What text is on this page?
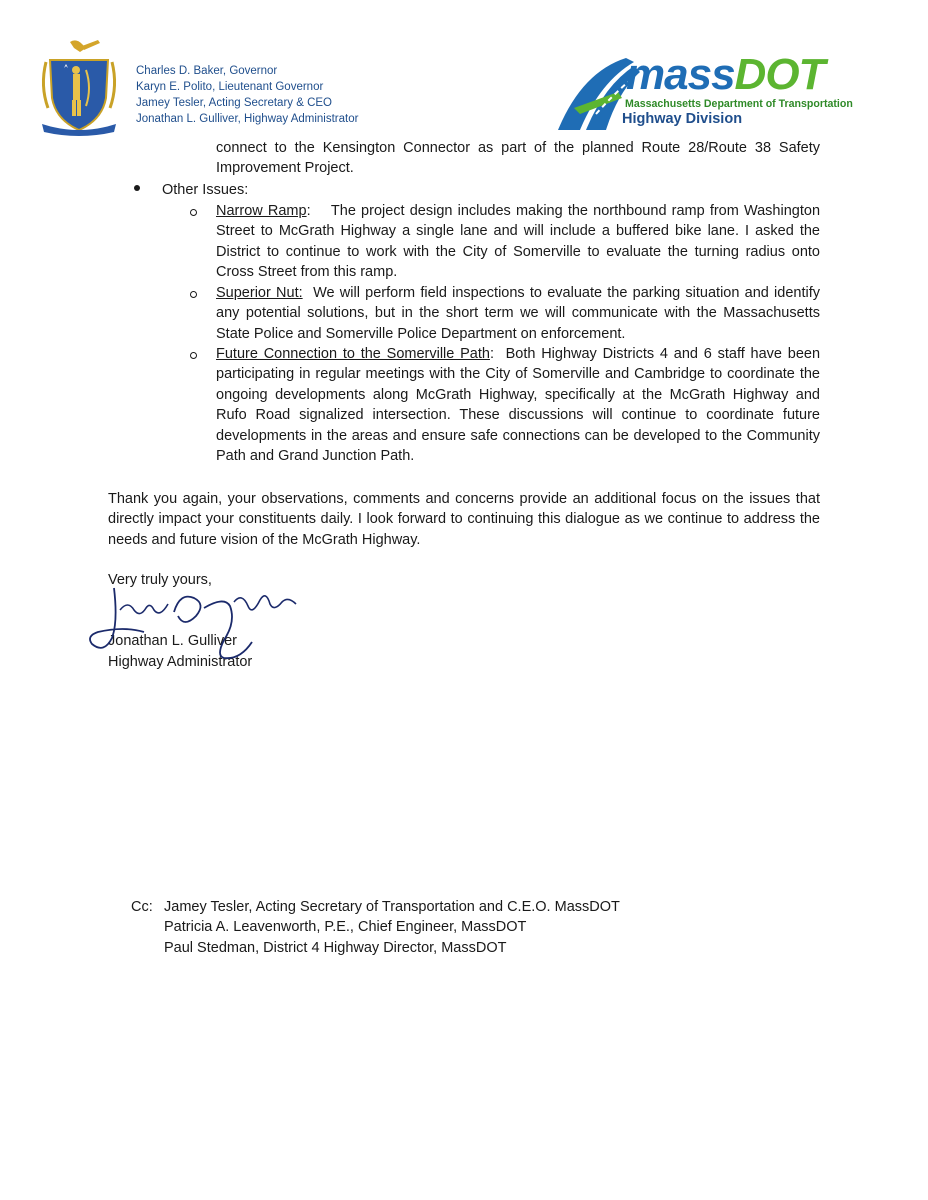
Charles D. Baker, Governor
Karyn E. Polito, Lieutenant Governor
Jamey Tesler, Acting Secretary & CEO
Jonathan L. Gulliver, Highway Administrator
massDOT
Massachusetts Department of Transportation
Highway Division
connect to the Kensington Connector as part of the planned Route 28/Route 38 Safety Improvement Project.
Other Issues:
Narrow Ramp: The project design includes making the northbound ramp from Washington Street to McGrath Highway a single lane and will include a buffered bike lane. I asked the District to continue to work with the City of Somerville to evaluate the turning radius onto Cross Street from this ramp.
Superior Nut: We will perform field inspections to evaluate the parking situation and identify any potential solutions, but in the short term we will communicate with the Massachusetts State Police and Somerville Police Department on enforcement.
Future Connection to the Somerville Path: Both Highway Districts 4 and 6 staff have been participating in regular meetings with the City of Somerville and Cambridge to coordinate the ongoing developments along McGrath Highway, specifically at the McGrath Highway and Rufo Road signalized intersection. These discussions will continue to coordinate future developments in the areas and ensure safe connections can be developed to the Community Path and Grand Junction Path.
Thank you again, your observations, comments and concerns provide an additional focus on the issues that directly impact your constituents daily. I look forward to continuing this dialogue as we continue to address the needs and future vision of the McGrath Highway.
Very truly yours,
Jonathan L. Gulliver
Highway Administrator
Cc: Jamey Tesler, Acting Secretary of Transportation and C.E.O. MassDOT
Patricia A. Leavenworth, P.E., Chief Engineer, MassDOT
Paul Stedman, District 4 Highway Director, MassDOT
